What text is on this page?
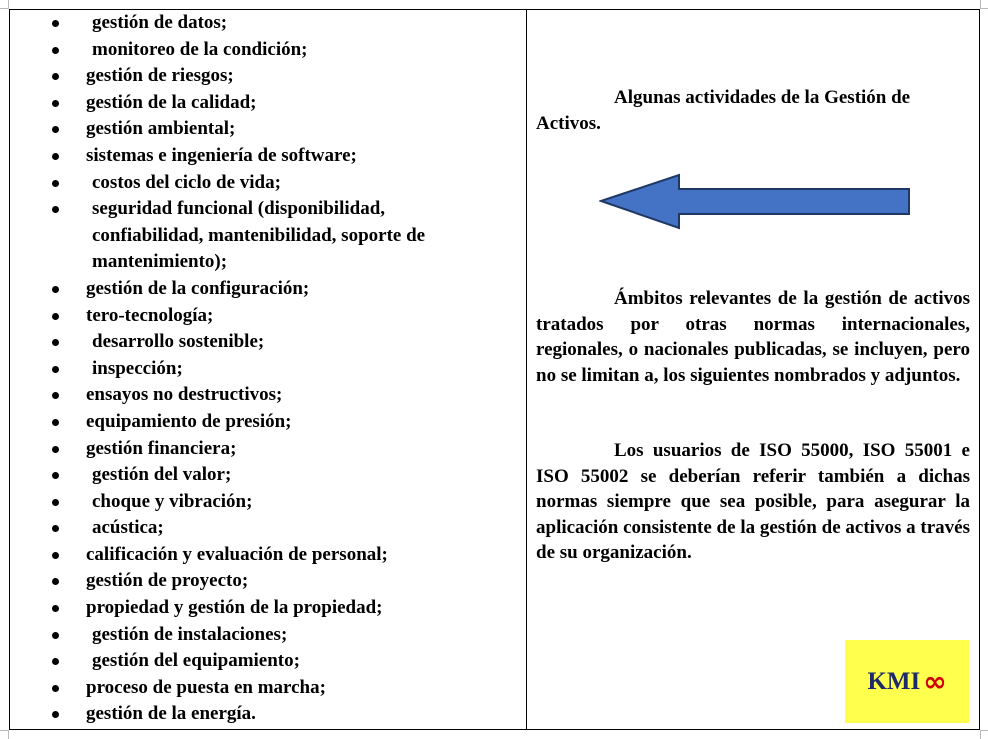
gestión de datos;
monitoreo de la condición;
gestión de riesgos;
gestión de la calidad;
gestión ambiental;
sistemas e ingeniería de software;
costos del ciclo de vida;
seguridad funcional (disponibilidad, confiabilidad, mantenibilidad, soporte de mantenimiento);
gestión de la configuración;
tero-tecnología;
desarrollo sostenible;
inspección;
ensayos no destructivos;
equipamiento de presión;
gestión financiera;
gestión del valor;
choque y vibración;
acústica;
calificación y evaluación de personal;
gestión de proyecto;
propiedad y gestión de la propiedad;
gestión de instalaciones;
gestión del equipamiento;
proceso de puesta en marcha;
gestión de la energía.
Algunas actividades de la Gestión de Activos.
Ámbitos relevantes de la gestión de activos tratados por otras normas internacionales, regionales, o nacionales publicadas, se incluyen, pero no se limitan a, los siguientes nombrados y adjuntos.
Los usuarios de ISO 55000, ISO 55001 e ISO 55002 se deberían referir también a dichas normas siempre que sea posible, para asegurar la aplicación consistente de la gestión de activos a través de su organización.
KMI ∞
